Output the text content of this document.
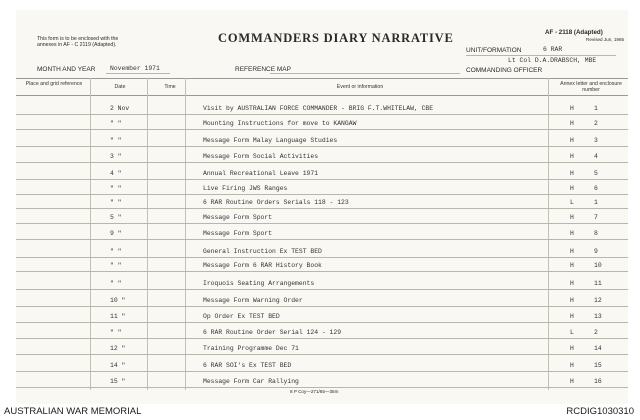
This form is to be enclosed with the
annexes in AF - C 2119 (Adapted).	COMMANDERS DIARY NARRATIVE	AF - 2118 (Adapted)
Revised Jun, 1965
UNIT/FORMATION	6 RAR
Lt Col D.A.DRABSCH, MBE
MONTH AND YEAR November 1971	REFERENCE MAP	COMMANDING OFFICER
Place and grid reference	Date	Time	Event or information	Annex letter and enclosure number
2 Nov	Visit by AUSTRALIAN FORCE COMMANDER - BRIG F.T.WHITELAW, CBE	H	1
" "	Mounting Instructions for move to KANGAW	H	2
" "	Message Form Malay Language Studies	H	3
3 "	Message Form Social Activities	H	4
4 "	Annual Recreational Leave 1971	H	5
" "	Live Firing JWS Ranges	H	6
" "	6 RAR Routine Orders Serials 118 - 123	L	1
5 "	Message Form Sport	H	7
9 "	Message Form Sport	H	8
" "	General Instruction Ex TEST BED	H	9
" "	Message Form 6 RAR History Book	H	10
" "	Iroquois Seating Arrangements	H	11
10 "	Message Form Warning Order	H	12
11 "	Op Order Ex TEST BED	H	13
" "	6 RAR Routine Order Serial 124 - 129	L	2
12 "	Training Programme Dec 71	H	14
14 "	6 RAR SOI's Ex TEST BED	H	15
15 "	Message Form Car Rallying	H	16
8 P Coy—271/65—35m
AUSTRALIAN WAR MEMORIAL	RCDIG1030310
